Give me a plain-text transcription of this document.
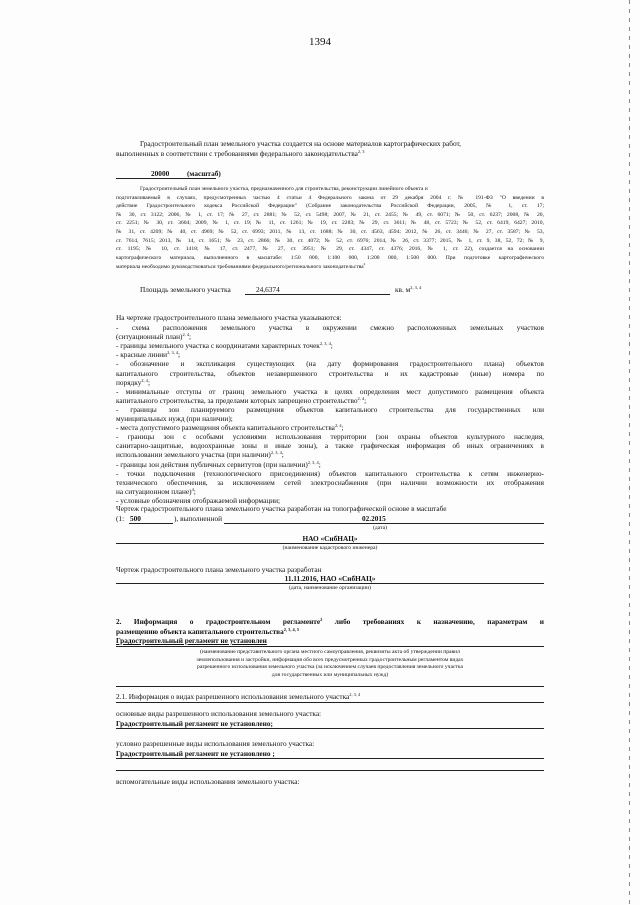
1394
Градостроительный план земельного участка создается на основе материалов картографических работ,
выполненных в соответствии с требованиями федерального законодательства$^{2, 3}$
20000 (масштаб)
Градостроительный план земельного участка, предназначенного для строительства, реконструкции линейного объекта и
подготавливаемый в случаях, предусмотренных частью 4 статьи 4 Федерального закона от 29 декабря 2004 г. № 191-ФЗ "О введении в
действие Градостроительного кодекса Российской Федерации" (Собрание законодательства Российской Федерации, 2005, № 1, ст. 17;
№ 30, ст. 3122; 2006, № 1, ст. 17; № 27, ст. 2881; № 52, ст. 5498; 2007, № 21, ст. 2455; № 49, ст. 6071; № 50, ст. 6237; 2008, № 20,
ст. 2251; № 30, ст. 3604; 2009, № 1, ст. 19; № 11, ст. 1261; № 19, ст. 2283; № 29, ст. 3611; № 48, ст. 5723; № 52, ст. 6419, 6427; 2010,
№ 31, ст. 4209; № 40, ст. 4969; № 52, ст. 6993; 2011, № 13, ст. 1688; № 30, ст. 4563, 4594; 2012, № 26, ст. 3446; № 27, ст. 3587; № 53,
ст. 7614, 7615; 2013, № 14, ст. 1651; № 23, ст. 2866; № 30, ст. 4072; № 52, ст. 6976; 2014, № 26, ст. 3377; 2015, № 1, ст. 9, 38, 52, 72; № 9,
ст. 1195; № 10, ст. 1418; № 17, ст. 2477, № 27, ст. 3951; № 29, ст. 4347, ст. 4376; 2016, № 1, ст. 22), создается на основании
картографического материала, выполненного в масштабе: 1:50 000, 1:100 000, 1:200 000, 1:500 000. При подготовке картографического
материала необходимо руководствоваться требованиями федерального/регионального законодательства$^4$
Площадь земельного участка	24,6374	кв. $м^{2, 3, 4}$
На чертеже градостроительного плана земельного участка указываются:
- схема расположения земельного участка в окружении смежно расположенных земельных участков
(ситуационный план)$^{2, 4}$;
- границы земельного участка с координатами характерных точек$^{2, 3, 4}$;
- красные линии$^{2, 3, 4}$;
- обозначение и экспликация существующих (на дату формирования градостроительного плана) объектов
капитального строительства, объектов незавершенного строительства и их кадастровые (иные) номера по
порядку$^{2, 4}$;
- минимальные отступы от границ земельного участка в целях определения мест допустимого размещения объекта
капитального строительства, за пределами которых запрещено строительство$^{2, 4}$;
- границы зон планируемого размещения объектов капитального строительства для государственных или
муниципальных нужд (при наличии);
- места допустимого размещения объекта капитального строительства$^{2, 4}$;
- границы зон с особыми условиями использования территории (зон охраны объектов культурного наследия,
санитарно-защитные, водоохранные зоны и иные зоны), а также графическая информация об иных ограничениях в
использовании земельного участка (при наличии)$^{2, 3, 4}$;
- границы зон действия публичных сервитутов (при наличии)$^{2, 3, 4}$;
- точки подключения (технологического присоединения) объектов капитального строительства к сетям инженерно-
технического обеспечения, за исключением сетей электроснабжения (при наличии возможности их отображения
на ситуационном плане)$^4$;
- условные обозначения отображаемой информации;
Чертеж градостроительного плана земельного участка разработан на топографической основе в масштабе
(1: 500	), выполненной	02.2015
(дата)
НАО «СибНАЦ»
(наименование кадастрового инженера)
Чертеж градостроительного плана земельного участка разработан
11.11.2016, НАО «СибНАЦ»
(дата, наименование организации)
2. Информация о градостроительном регламенте$^2$ либо требованиях к назначению, параметрам и
размещению объекта капитального строительства$^{2, 3, 4, 5}$
Градостроительный регламент не установлен
(наименование представительного органа местного самоуправления, реквизиты акта об утверждении правил
землепользования и застройки, информация обо всех предусмотренных градостроительным регламентом видах
разрешенного использования земельного участка (за исключением случаев предоставления земельного участка
для государственных или муниципальных нужд)
2.1. Информация о видах разрешенного использования земельного участка$^{2, 3, 4}$
основные виды разрешенного использования земельного участка:
Градостроительный регламент не установлено;
условно разрешенные виды использования земельного участка:
Градостроительный регламент не установлено ;
вспомогательные виды использования земельного участка:
